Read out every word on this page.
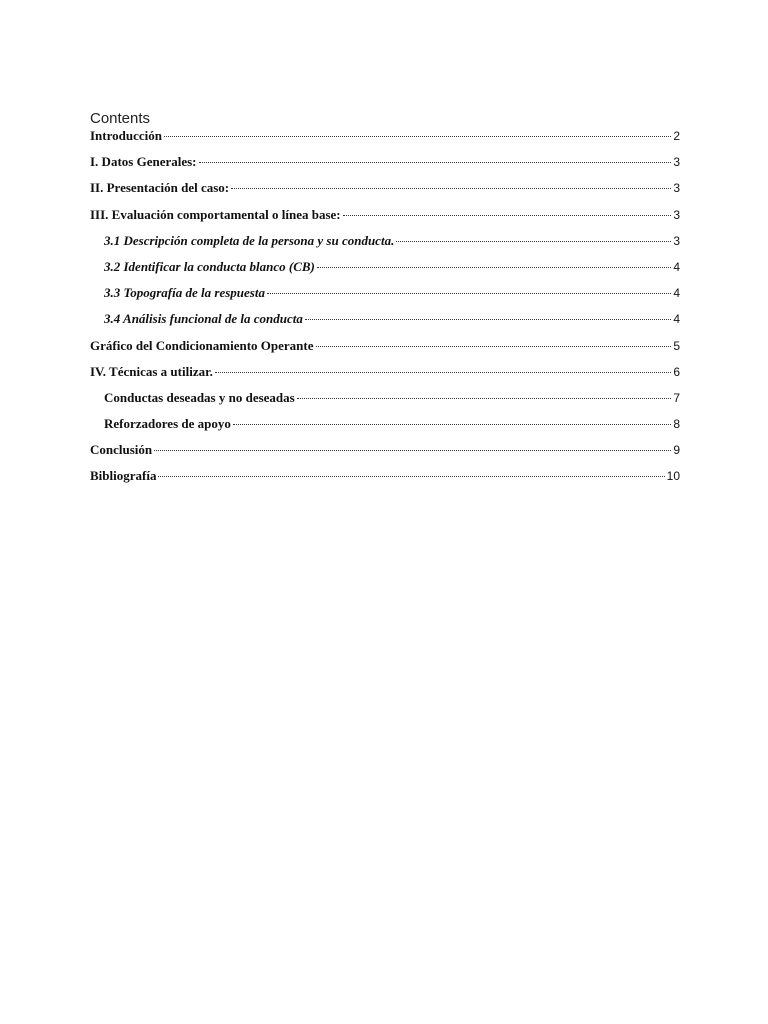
Contents
Introducción	2
I. Datos Generales:	3
II. Presentación del caso:	3
III. Evaluación comportamental o línea base:	3
3.1 Descripción completa de la persona y su conducta.	3
3.2 Identificar la conducta blanco (CB)	4
3.3 Topografía de la respuesta	4
3.4 Análisis funcional de la conducta	4
Gráfico del Condicionamiento Operante	5
IV. Técnicas a utilizar.	6
Conductas deseadas y no deseadas	7
Reforzadores de apoyo	8
Conclusión	9
Bibliografía	10
